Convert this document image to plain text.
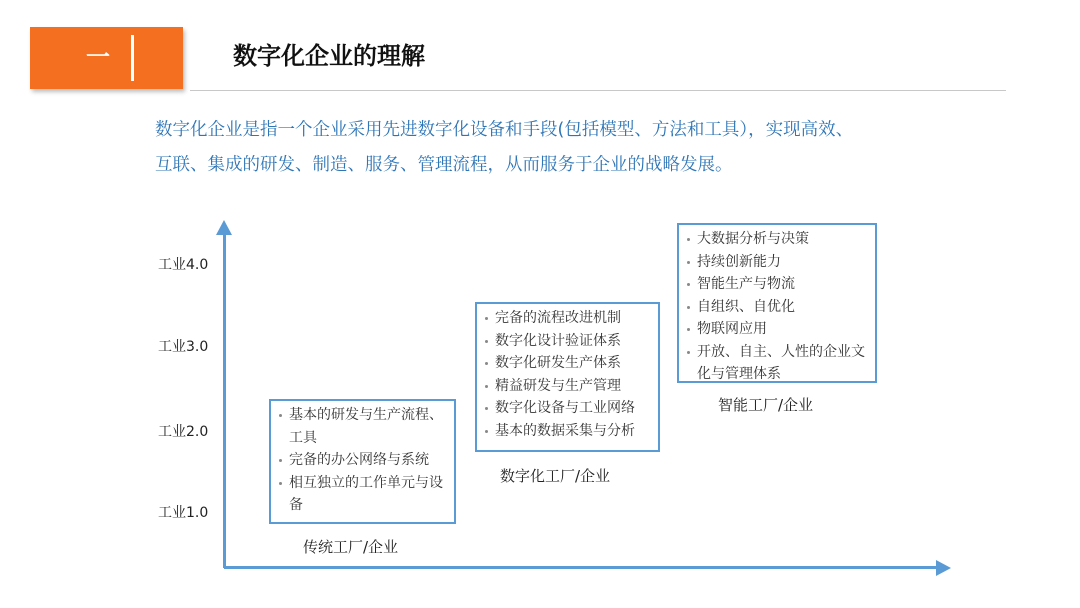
一	数字化企业的理解
数字化企业是指一个企业采用先进数字化设备和手段(包括模型、方法和工具），实现高效、
互联、集成的研发、制造、服务、管理流程，从而服务于企业的战略发展。
工业4.0
工业3.0
工业2.0
工业1.0
基本的研发与生产流程、工具
完备的办公网络与系统
相互独立的工作单元与设备
传统工厂/企业
完备的流程改进机制
数字化设计验证体系
数字化研发生产体系
精益研发与生产管理
数字化设备与工业网络
基本的数据采集与分析
数字化工厂/企业
大数据分析与决策
持续创新能力
智能生产与物流
自组织、自优化
物联网应用
开放、自主、人性的企业文化与管理体系
智能工厂/企业
